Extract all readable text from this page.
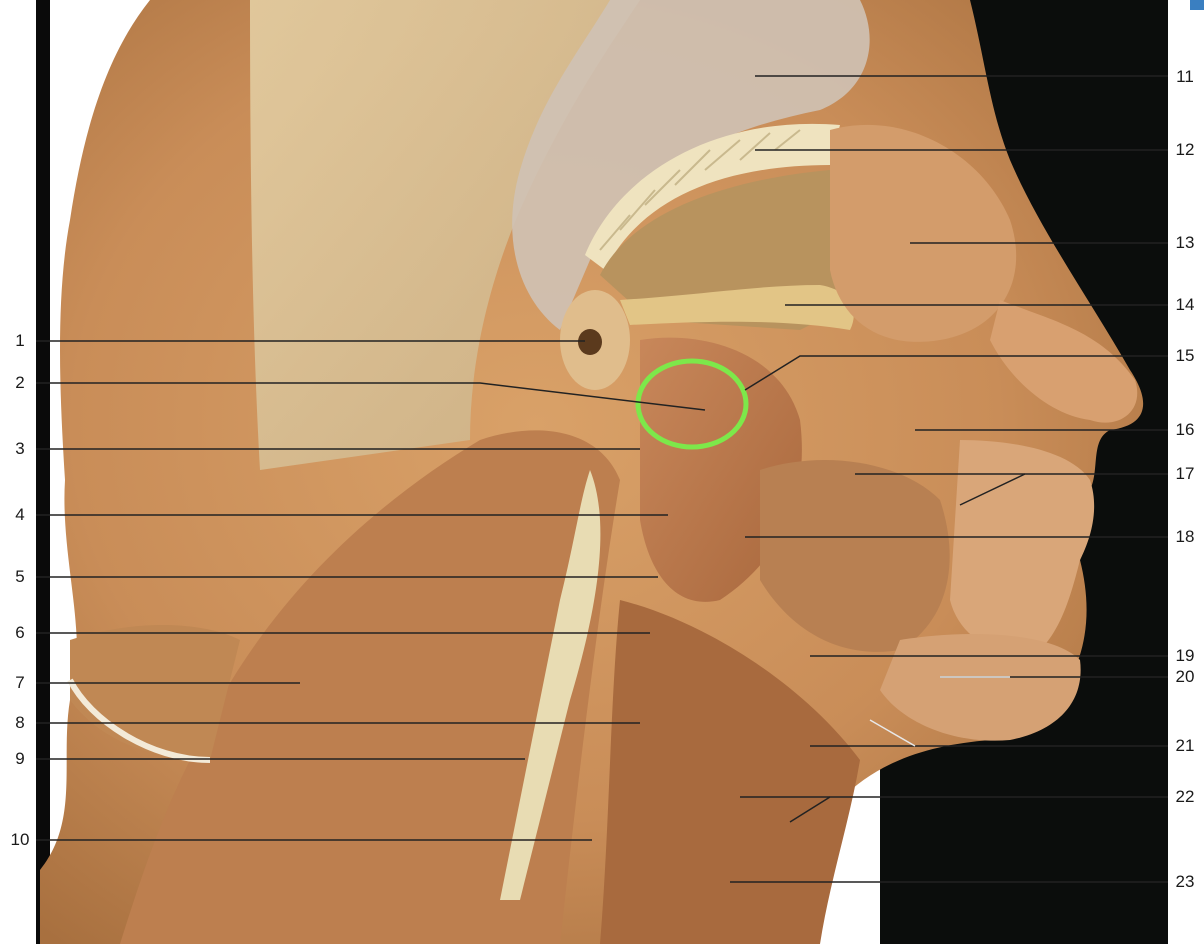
1
2
3
4
5
6
7
8
9
10
11
12
13
14
15
16
17
18
19
20
21
22
23
